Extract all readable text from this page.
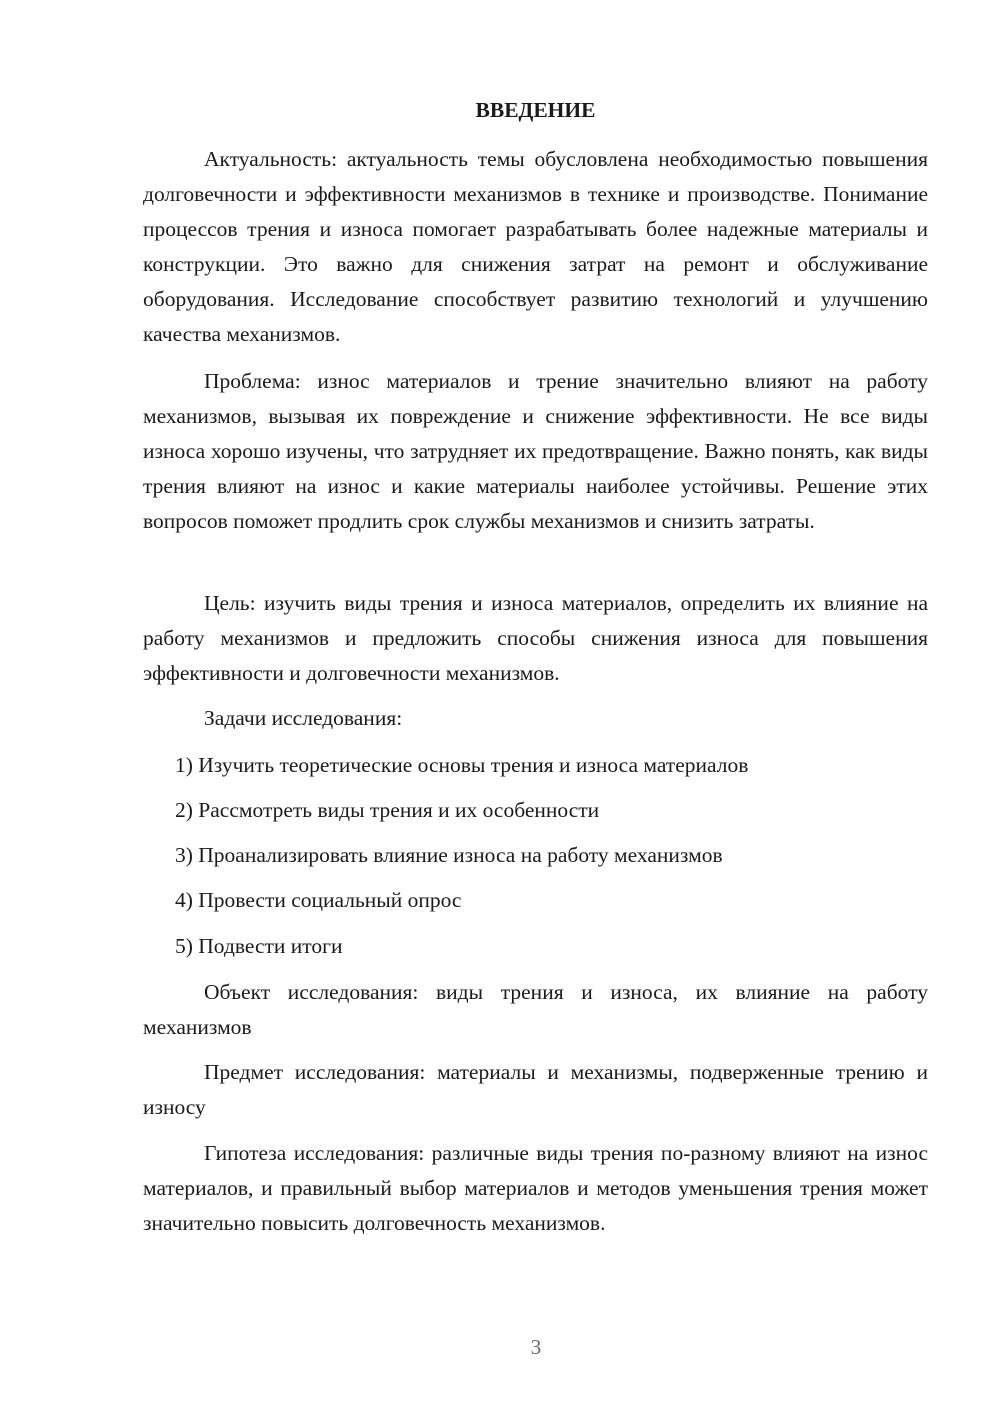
ВВЕДЕНИЕ

Актуальность: актуальность темы обусловлена необходимостью повышения долговечности и эффективности механизмов в технике и производстве. Понимание процессов трения и износа помогает разрабатывать более надежные материалы и конструкции. Это важно для снижения затрат на ремонт и обслуживание оборудования. Исследование способствует развитию технологий и улучшению качества механизмов.

Проблема: износ материалов и трение значительно влияют на работу механизмов, вызывая их повреждение и снижение эффективности. Не все виды износа хорошо изучены, что затрудняет их предотвращение. Важно понять, как виды трения влияют на износ и какие материалы наиболее устойчивы. Решение этих вопросов поможет продлить срок службы механизмов и снизить затраты.

Цель: изучить виды трения и износа материалов, определить их влияние на работу механизмов и предложить способы снижения износа для повышения эффективности и долговечности механизмов.

Задачи исследования:

1) Изучить теоретические основы трения и износа материалов

2) Рассмотреть виды трения и их особенности

3) Проанализировать влияние износа на работу механизмов

4) Провести социальный опрос

5) Подвести итоги

Объект исследования: виды трения и износа, их влияние на работу механизмов

Предмет исследования: материалы и механизмы, подверженные трению и износу

Гипотеза исследования: различные виды трения по-разному влияют на износ материалов, и правильный выбор материалов и методов уменьшения трения может значительно повысить долговечность механизмов.

3
